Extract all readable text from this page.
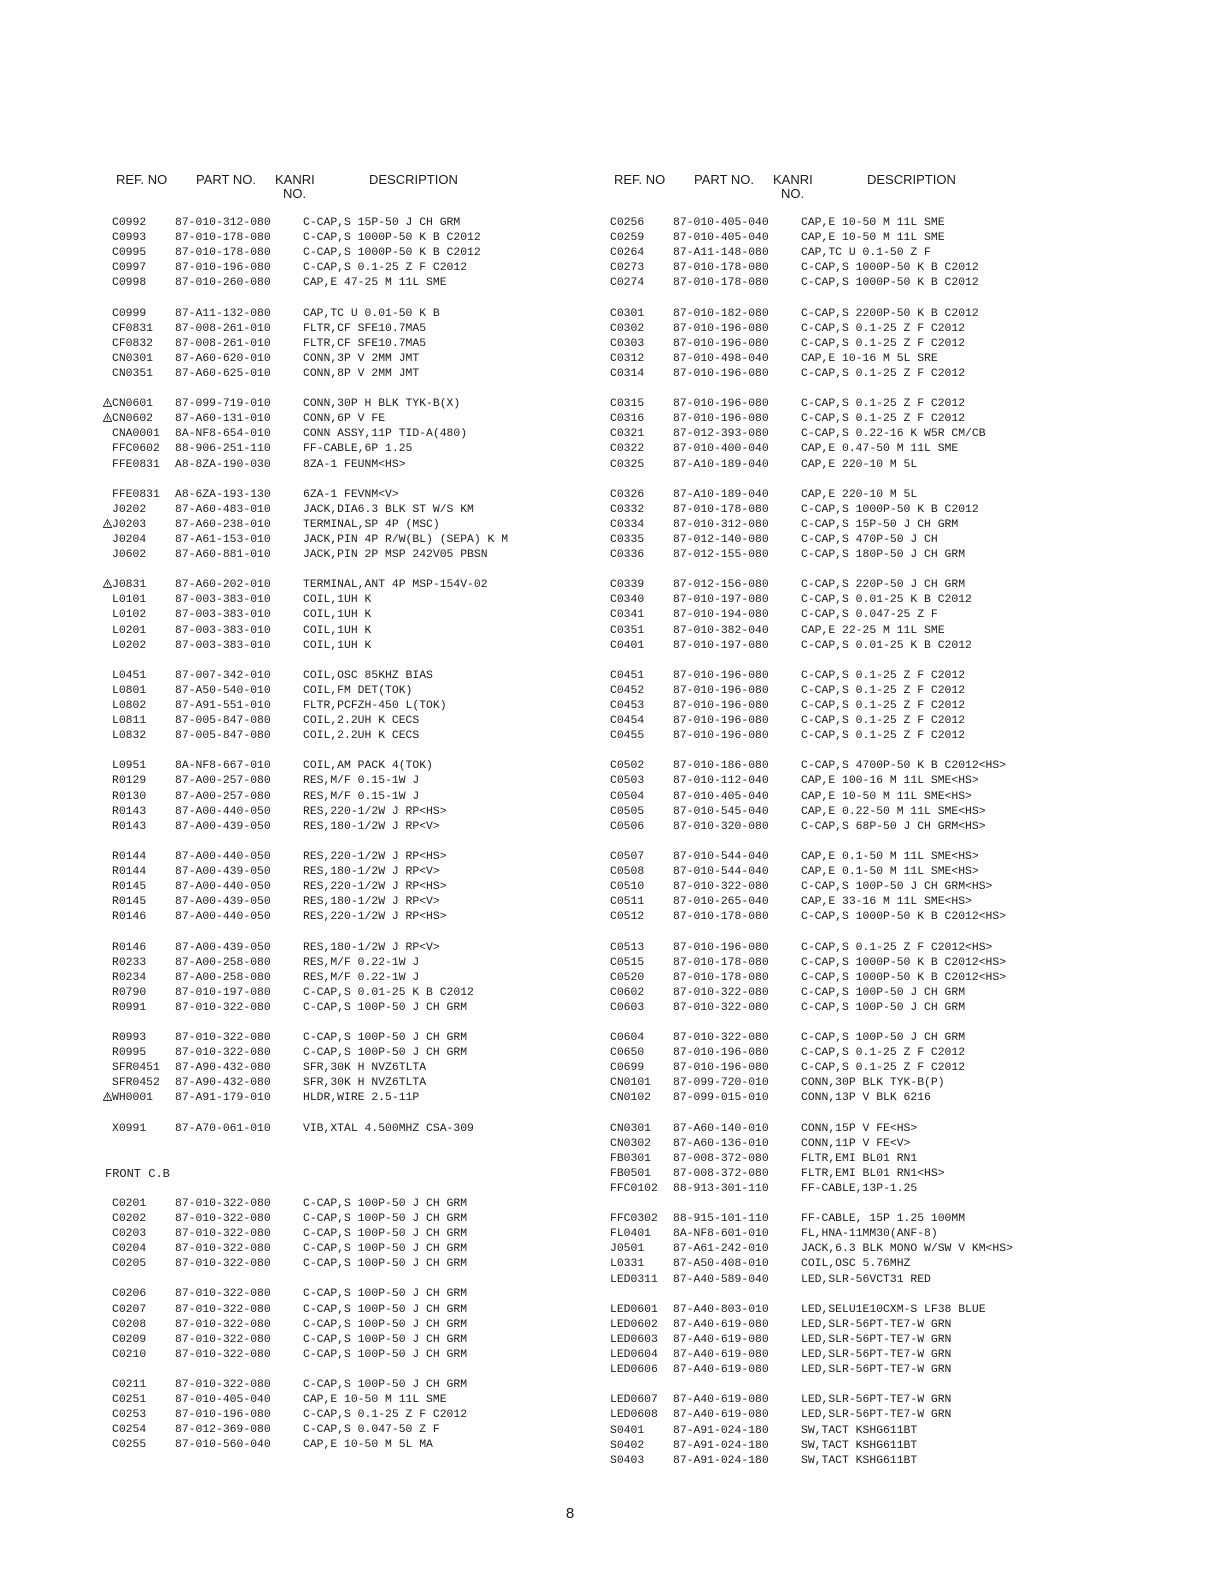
REF. NO PART NO. KANRI
NO.
DESCRIPTION
C0992	87-010-312-080	C-CAP,S 15P-50 J CH GRM
C0993	87-010-178-080	C-CAP,S 1000P-50 K B C2012
C0995	87-010-178-080	C-CAP,S 1000P-50 K B C2012
C0997	87-010-196-080	C-CAP,S 0.1-25 Z F C2012
C0998	87-010-260-080	CAP,E 47-25 M 11L SME
C0999	87-A11-132-080	CAP,TC U 0.01-50 K B
CF0831 87-008-261-010	FLTR,CF SFE10.7MA5
CF0832 87-008-261-010	FLTR,CF SFE10.7MA5
CN0301 87-A60-620-010	CONN,3P V 2MM JMT
CN0351 87-A60-625-010	CONN,8P V 2MM JMT
CN0601 87-099-719-010	CONN,30P H BLK TYK-B(X)
CN0602 87-A60-131-010	CONN,6P V FE
CNA0001 8A-NF8-654-010	CONN ASSY,11P TID-A(480)
FFC0602 88-906-251-110	FF-CABLE,6P 1.25
FFE0831 A8-8ZA-190-030	8ZA-1 FEUNM<HS>
FFE0831 A8-6ZA-193-130	6ZA-1 FEVNM<V>
J0202	87-A60-483-010	JACK,DIA6.3 BLK ST W/S KM
J0203	87-A60-238-010	TERMINAL,SP 4P (MSC)
J0204	87-A61-153-010	JACK,PIN 4P R/W(BL) (SEPA) K M
J0602	87-A60-881-010	JACK,PIN 2P MSP 242V05 PBSN
J0831	87-A60-202-010	TERMINAL,ANT 4P MSP-154V-02
L0101	87-003-383-010	COIL,1UH K
L0102	87-003-383-010	COIL,1UH K
L0201	87-003-383-010	COIL,1UH K
L0202	87-003-383-010	COIL,1UH K
L0451	87-007-342-010	COIL,OSC 85KHZ BIAS
L0801	87-A50-540-010	COIL,FM DET(TOK)
L0802	87-A91-551-010	FLTR,PCFZH-450 L(TOK)
L0811	87-005-847-080	COIL,2.2UH K CECS
L0832	87-005-847-080	COIL,2.2UH K CECS
L0951	8A-NF8-667-010	COIL,AM PACK 4(TOK)
R0129	87-A00-257-080	RES,M/F 0.15-1W J
R0130	87-A00-257-080	RES,M/F 0.15-1W J
R0143	87-A00-440-050	RES,220-1/2W J RP<HS>
R0143	87-A00-439-050	RES,180-1/2W J RP<V>
R0144	87-A00-440-050	RES,220-1/2W J RP<HS>
R0144	87-A00-439-050	RES,180-1/2W J RP<V>
R0145	87-A00-440-050	RES,220-1/2W J RP<HS>
R0145	87-A00-439-050	RES,180-1/2W J RP<V>
R0146	87-A00-440-050	RES,220-1/2W J RP<HS>
R0146	87-A00-439-050	RES,180-1/2W J RP<V>
R0233	87-A00-258-080	RES,M/F 0.22-1W J
R0234	87-A00-258-080	RES,M/F 0.22-1W J
R0790	87-010-197-080	C-CAP,S 0.01-25 K B C2012
R0991	87-010-322-080	C-CAP,S 100P-50 J CH GRM
R0993	87-010-322-080	C-CAP,S 100P-50 J CH GRM
R0995	87-010-322-080	C-CAP,S 100P-50 J CH GRM
SFR0451 87-A90-432-080	SFR,30K H NVZ6TLTA
SFR0452 87-A90-432-080	SFR,30K H NVZ6TLTA
WH0001 87-A91-179-010	HLDR,WIRE 2.5-11P
X0991	87-A70-061-010	VIB,XTAL 4.500MHZ CSA-309
FRONT C.B
C0201	87-010-322-080	C-CAP,S 100P-50 J CH GRM
C0202	87-010-322-080	C-CAP,S 100P-50 J CH GRM
C0203	87-010-322-080	C-CAP,S 100P-50 J CH GRM
C0204	87-010-322-080	C-CAP,S 100P-50 J CH GRM
C0205	87-010-322-080	C-CAP,S 100P-50 J CH GRM
C0206	87-010-322-080	C-CAP,S 100P-50 J CH GRM
C0207	87-010-322-080	C-CAP,S 100P-50 J CH GRM
C0208	87-010-322-080	C-CAP,S 100P-50 J CH GRM
C0209	87-010-322-080	C-CAP,S 100P-50 J CH GRM
C0210	87-010-322-080	C-CAP,S 100P-50 J CH GRM
C0211	87-010-322-080	C-CAP,S 100P-50 J CH GRM
C0251	87-010-405-040	CAP,E 10-50 M 11L SME
C0253	87-010-196-080	C-CAP,S 0.1-25 Z F C2012
C0254	87-012-369-080	C-CAP,S 0.047-50 Z F
C0255	87-010-560-040	CAP,E 10-50 M 5L MA
REF. NO PART NO. KANRI
NO.
DESCRIPTION
C0256	87-010-405-040	CAP,E 10-50 M 11L SME
C0259	87-010-405-040	CAP,E 10-50 M 11L SME
C0264	87-A11-148-080	CAP,TC U 0.1-50 Z F
C0273	87-010-178-080	C-CAP,S 1000P-50 K B C2012
C0274	87-010-178-080	C-CAP,S 1000P-50 K B C2012
C0301	87-010-182-080	C-CAP,S 2200P-50 K B C2012
C0302	87-010-196-080	C-CAP,S 0.1-25 Z F C2012
C0303	87-010-196-080	C-CAP,S 0.1-25 Z F C2012
C0312	87-010-498-040	CAP,E 10-16 M 5L SRE
C0314	87-010-196-080	C-CAP,S 0.1-25 Z F C2012
C0315	87-010-196-080	C-CAP,S 0.1-25 Z F C2012
C0316	87-010-196-080	C-CAP,S 0.1-25 Z F C2012
C0321	87-012-393-080	C-CAP,S 0.22-16 K W5R CM/CB
C0322	87-010-400-040	CAP,E 0.47-50 M 11L SME
C0325	87-A10-189-040	CAP,E 220-10 M 5L
C0326	87-A10-189-040	CAP,E 220-10 M 5L
C0332	87-010-178-080	C-CAP,S 1000P-50 K B C2012
C0334	87-010-312-080	C-CAP,S 15P-50 J CH GRM
C0335	87-012-140-080	C-CAP,S 470P-50 J CH
C0336	87-012-155-080	C-CAP,S 180P-50 J CH GRM
C0339	87-012-156-080	C-CAP,S 220P-50 J CH GRM
C0340	87-010-197-080	C-CAP,S 0.01-25 K B C2012
C0341	87-010-194-080	C-CAP,S 0.047-25 Z F
C0351	87-010-382-040	CAP,E 22-25 M 11L SME
C0401	87-010-197-080	C-CAP,S 0.01-25 K B C2012
C0451	87-010-196-080	C-CAP,S 0.1-25 Z F C2012
C0452	87-010-196-080	C-CAP,S 0.1-25 Z F C2012
C0453	87-010-196-080	C-CAP,S 0.1-25 Z F C2012
C0454	87-010-196-080	C-CAP,S 0.1-25 Z F C2012
C0455	87-010-196-080	C-CAP,S 0.1-25 Z F C2012
C0502	87-010-186-080	C-CAP,S 4700P-50 K B C2012<HS>
C0503	87-010-112-040	CAP,E 100-16 M 11L SME<HS>
C0504	87-010-405-040	CAP,E 10-50 M 11L SME<HS>
C0505	87-010-545-040	CAP,E 0.22-50 M 11L SME<HS>
C0506	87-010-320-080	C-CAP,S 68P-50 J CH GRM<HS>
C0507	87-010-544-040	CAP,E 0.1-50 M 11L SME<HS>
C0508	87-010-544-040	CAP,E 0.1-50 M 11L SME<HS>
C0510	87-010-322-080	C-CAP,S 100P-50 J CH GRM<HS>
C0511	87-010-265-040	CAP,E 33-16 M 11L SME<HS>
C0512	87-010-178-080	C-CAP,S 1000P-50 K B C2012<HS>
C0513	87-010-196-080	C-CAP,S 0.1-25 Z F C2012<HS>
C0515	87-010-178-080	C-CAP,S 1000P-50 K B C2012<HS>
C0520	87-010-178-080	C-CAP,S 1000P-50 K B C2012<HS>
C0602	87-010-322-080	C-CAP,S 100P-50 J CH GRM
C0603	87-010-322-080	C-CAP,S 100P-50 J CH GRM
C0604	87-010-322-080	C-CAP,S 100P-50 J CH GRM
C0650	87-010-196-080	C-CAP,S 0.1-25 Z F C2012
C0699	87-010-196-080	C-CAP,S 0.1-25 Z F C2012
CN0101 87-099-720-010	CONN,30P BLK TYK-B(P)
CN0102 87-099-015-010	CONN,13P V BLK 6216
CN0301 87-A60-140-010	CONN,15P V FE<HS>
CN0302 87-A60-136-010	CONN,11P V FE<V>
FB0301 87-008-372-080	FLTR,EMI BL01 RN1
FB0501 87-008-372-080	FLTR,EMI BL01 RN1<HS>
FFC0102 88-913-301-110	FF-CABLE,13P-1.25
FFC0302 88-915-101-110	FF-CABLE, 15P 1.25 100MM
FL0401 8A-NF8-601-010	FL,HNA-11MM30(ANF-8)
J0501	87-A61-242-010	JACK,6.3 BLK MONO W/SW V KM<HS>
L0331	87-A50-408-010	COIL,OSC 5.76MHZ
LED0311 87-A40-589-040	LED,SLR-56VCT31 RED
LED0601 87-A40-803-010	LED,SELU1E10CXM-S LF38 BLUE
LED0602 87-A40-619-080	LED,SLR-56PT-TE7-W GRN
LED0603 87-A40-619-080	LED,SLR-56PT-TE7-W GRN
LED0604 87-A40-619-080	LED,SLR-56PT-TE7-W GRN
LED0606 87-A40-619-080	LED,SLR-56PT-TE7-W GRN
LED0607 87-A40-619-080	LED,SLR-56PT-TE7-W GRN
LED0608 87-A40-619-080	LED,SLR-56PT-TE7-W GRN
S0401	87-A91-024-180	SW,TACT KSHG611BT
S0402	87-A91-024-180	SW,TACT KSHG611BT
S0403	87-A91-024-180	SW,TACT KSHG611BT
8
